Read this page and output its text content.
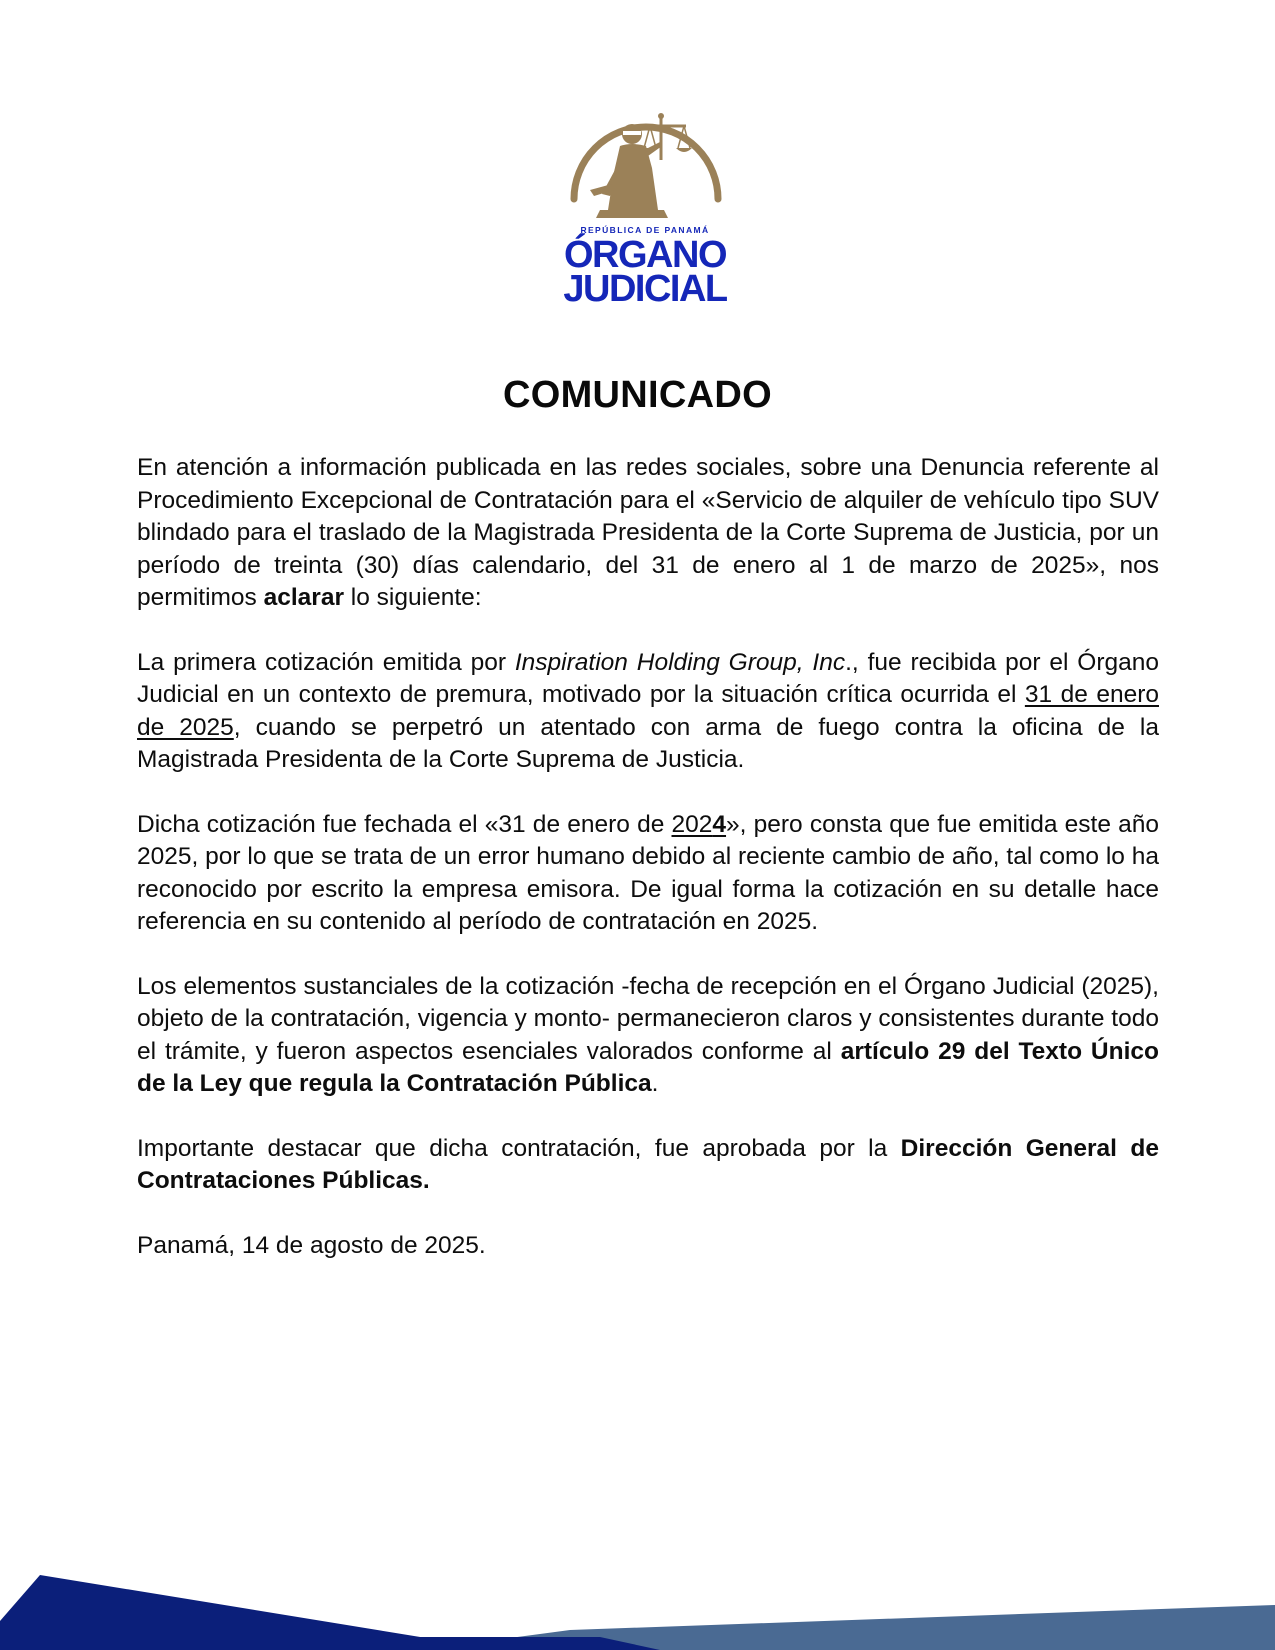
REPÚBLICA DE PANAMÁ
ÓRGANO
JUDICIAL
COMUNICADO

En atención a información publicada en las redes sociales, sobre una Denuncia referente al Procedimiento Excepcional de Contratación para el «Servicio de alquiler de vehículo tipo SUV blindado para el traslado de la Magistrada Presidenta de la Corte Suprema de Justicia, por un período de treinta (30) días calendario, del 31 de enero al 1 de marzo de 2025», nos permitimos aclarar lo siguiente:

La primera cotización emitida por Inspiration Holding Group, Inc., fue recibida por el Órgano Judicial en un contexto de premura, motivado por la situación crítica ocurrida el 31 de enero de 2025, cuando se perpetró un atentado con arma de fuego contra la oficina de la Magistrada Presidenta de la Corte Suprema de Justicia.

Dicha cotización fue fechada el «31 de enero de 2024», pero consta que fue emitida este año 2025, por lo que se trata de un error humano debido al reciente cambio de año, tal como lo ha reconocido por escrito la empresa emisora. De igual forma la cotización en su detalle hace referencia en su contenido al período de contratación en 2025.

Los elementos sustanciales de la cotización -fecha de recepción en el Órgano Judicial (2025), objeto de la contratación, vigencia y monto- permanecieron claros y consistentes durante todo el trámite, y fueron aspectos esenciales valorados conforme al artículo 29 del Texto Único de la Ley que regula la Contratación Pública.

Importante destacar que dicha contratación, fue aprobada por la Dirección General de Contrataciones Públicas.

Panamá, 14 de agosto de 2025.
